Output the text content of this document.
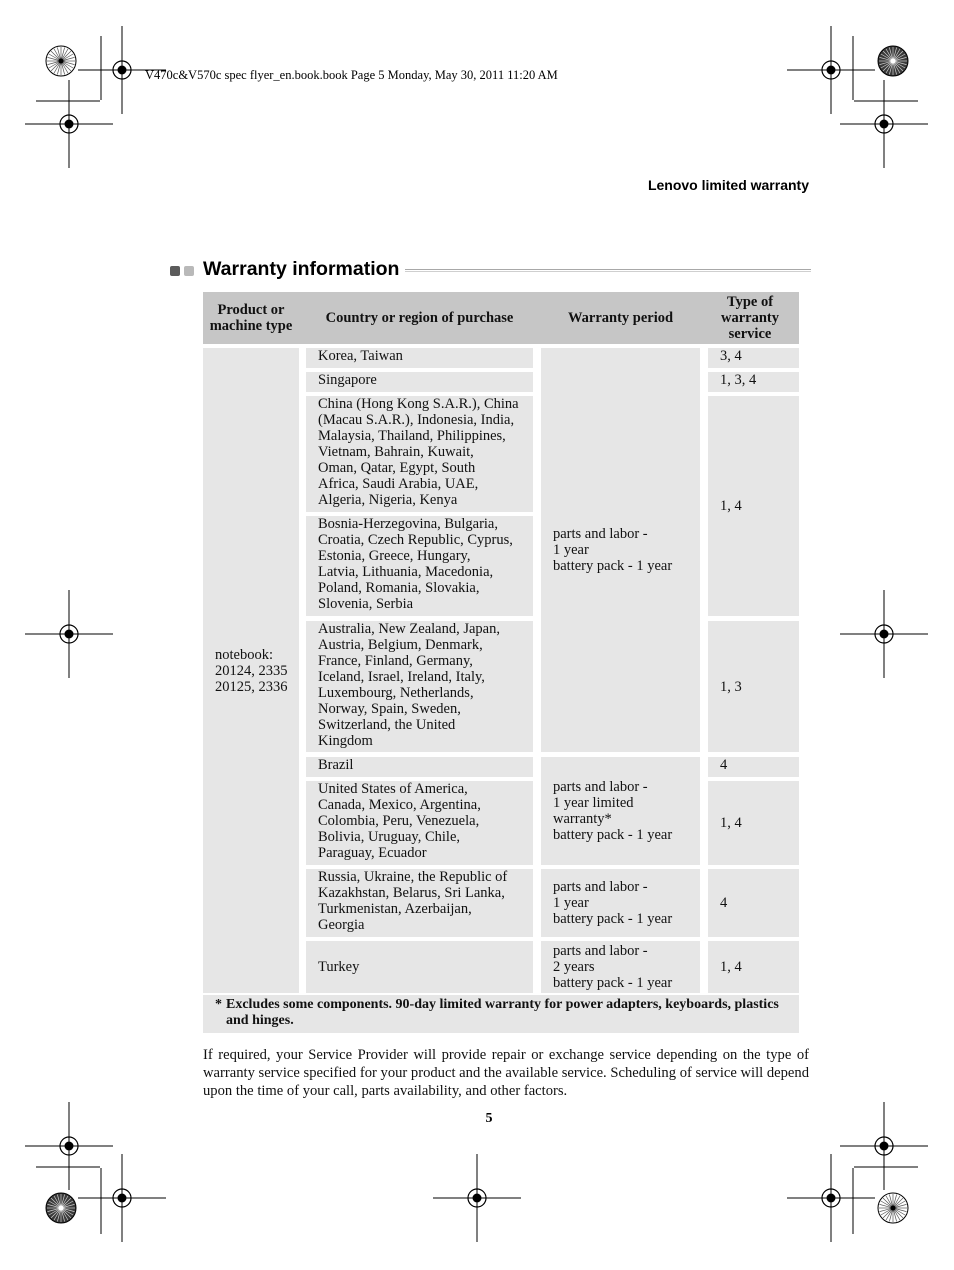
V470c&V570c spec flyer_en.book.book Page 5 Monday, May 30, 2011 11:20 AM
Lenovo limited warranty
Warranty information
Product or
machine type	Country or region of purchase	Warranty period
Type of
warranty
service
notebook:
20124, 2335
20125, 2336
Korea, Taiwan
Singapore
China (Hong Kong S.A.R.), China
(Macau S.A.R.), Indonesia, India,
Malaysia, Thailand, Philippines,
Vietnam, Bahrain, Kuwait,
Oman, Qatar, Egypt, South
Africa, Saudi Arabia, UAE,
Algeria, Nigeria, Kenya
Bosnia-Herzegovina, Bulgaria,
Croatia, Czech Republic, Cyprus,
Estonia, Greece, Hungary,
Latvia, Lithuania, Macedonia,
Poland, Romania, Slovakia,
Slovenia, Serbia
Australia, New Zealand, Japan,
Austria, Belgium, Denmark,
France, Finland, Germany,
Iceland, Israel, Ireland, Italy,
Luxembourg, Netherlands,
Norway, Spain, Sweden,
Switzerland, the United
Kingdom
Brazil
United States of America,
Canada, Mexico, Argentina,
Colombia, Peru, Venezuela,
Bolivia, Uruguay, Chile,
Paraguay, Ecuador
Russia, Ukraine, the Republic of
Kazakhstan, Belarus, Sri Lanka,
Turkmenistan, Azerbaijan,
Georgia
Turkey
parts and labor -
1 year
battery pack - 1 year
parts and labor -
1 year limited
warranty*
battery pack - 1 year
parts and labor -
1 year
battery pack - 1 year
parts and labor -
2 years
battery pack - 1 year
3, 4
1, 3, 4
1, 4
1, 3
4
1, 4
4
1, 4
* Excludes some components. 90-day limited warranty for power adapters, keyboards, plastics and hinges.

If required, your Service Provider will provide repair or exchange service depending on the type of warranty service specified for your product and the available service. Scheduling of service will depend upon the time of your call, parts availability, and other factors.

5
